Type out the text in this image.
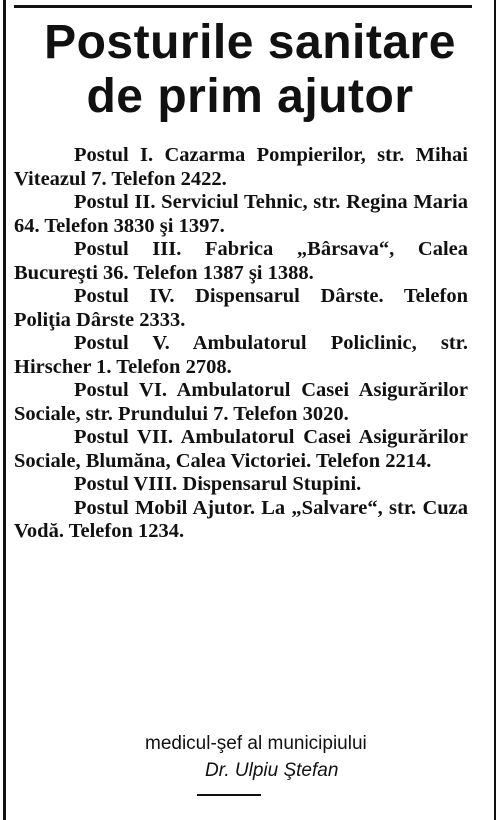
Posturile sanitare
de prim ajutor

Postul I. Cazarma Pompierilor, str. Mihai Viteazul 7. Telefon 2422.

Postul II. Serviciul Tehnic, str. Regina Maria 64. Telefon 3830 şi 1397.

Postul III. Fabrica „Bârsava“, Calea Bucureşti 36. Telefon 1387 şi 1388.

Postul IV. Dispensarul Dârste. Telefon Poliţia Dârste 2333.

Postul V. Ambulatorul Policlinic, str. Hirscher 1. Telefon 2708.

Postul VI. Ambulatorul Casei Asigurărilor Sociale, str. Prundului 7. Telefon 3020.

Postul VII. Ambulatorul Casei Asigurărilor Sociale, Blumăna, Calea Victoriei. Telefon 2214.

Postul VIII. Dispensarul Stupini.

Postul Mobil Ajutor. La „Salvare“, str. Cuza Vodă. Telefon 1234.

medicul-şef al municipiului
Dr. Ulpiu Ştefan
